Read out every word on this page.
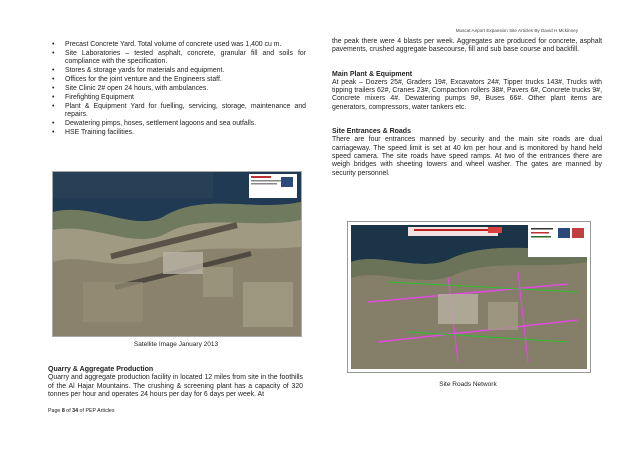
Muscat Airport Expansion Site Articles By David H Mckinney
• Precast Concrete Yard. Total volume of concrete used was 1,400 cu m.
• Site Laboratories – tested asphalt, concrete, granular fill and soils for compliance with the specification.
• Stores & storage yards for materials and equipment.
• Offices for the joint venture and the Engineers staff.
• Site Clinic 2# open 24 hours, with ambulances.
• Firefighting Equipment
• Plant & Equipment Yard for fuelling, servicing, storage, maintenance and repairs.
• Dewatering pimps, hoses, settlement lagoons and sea outfalls.
• HSE Training facilities.
Satellite Image January 2013
Quarry & Aggregate Production

Quarry and aggregate production facility in located 12 miles from site in the foothills of the Al Hajar Mountains. The crushing & screening plant has a capacity of 320 tonnes per hour and operates 24 hours per day for 6 days per week. At

the peak there were 4 blasts per week. Aggregates are produced for concrete, asphalt pavements, crushed aggregate basecourse, fill and sub base course and backfill.

Main Plant & Equipment

At peak – Dozers 25#, Graders 19#, Excavators 24#, Tipper trucks 143#, Trucks with tipping trailers 62#, Cranes 23#, Compaction rollers 38#, Pavers 6#, Concrete trucks 9#, Concrete mixers 4#. Dewatering pumps 9#, Buses 66#. Other plant items are generators, compressors, water tankers etc.

Site Entrances & Roads

There are four entrances manned by security and the main site roads are dual carriageway. The speed limit is set at 40 km per hour and is monitored by hand held speed camera. The site roads have speed ramps. At two of the entrances there are weigh bridges with sheeting towers and wheel washer. The gates are manned by security personnel.

Site Roads Network
Page 8 of 34 of PEP Articles
